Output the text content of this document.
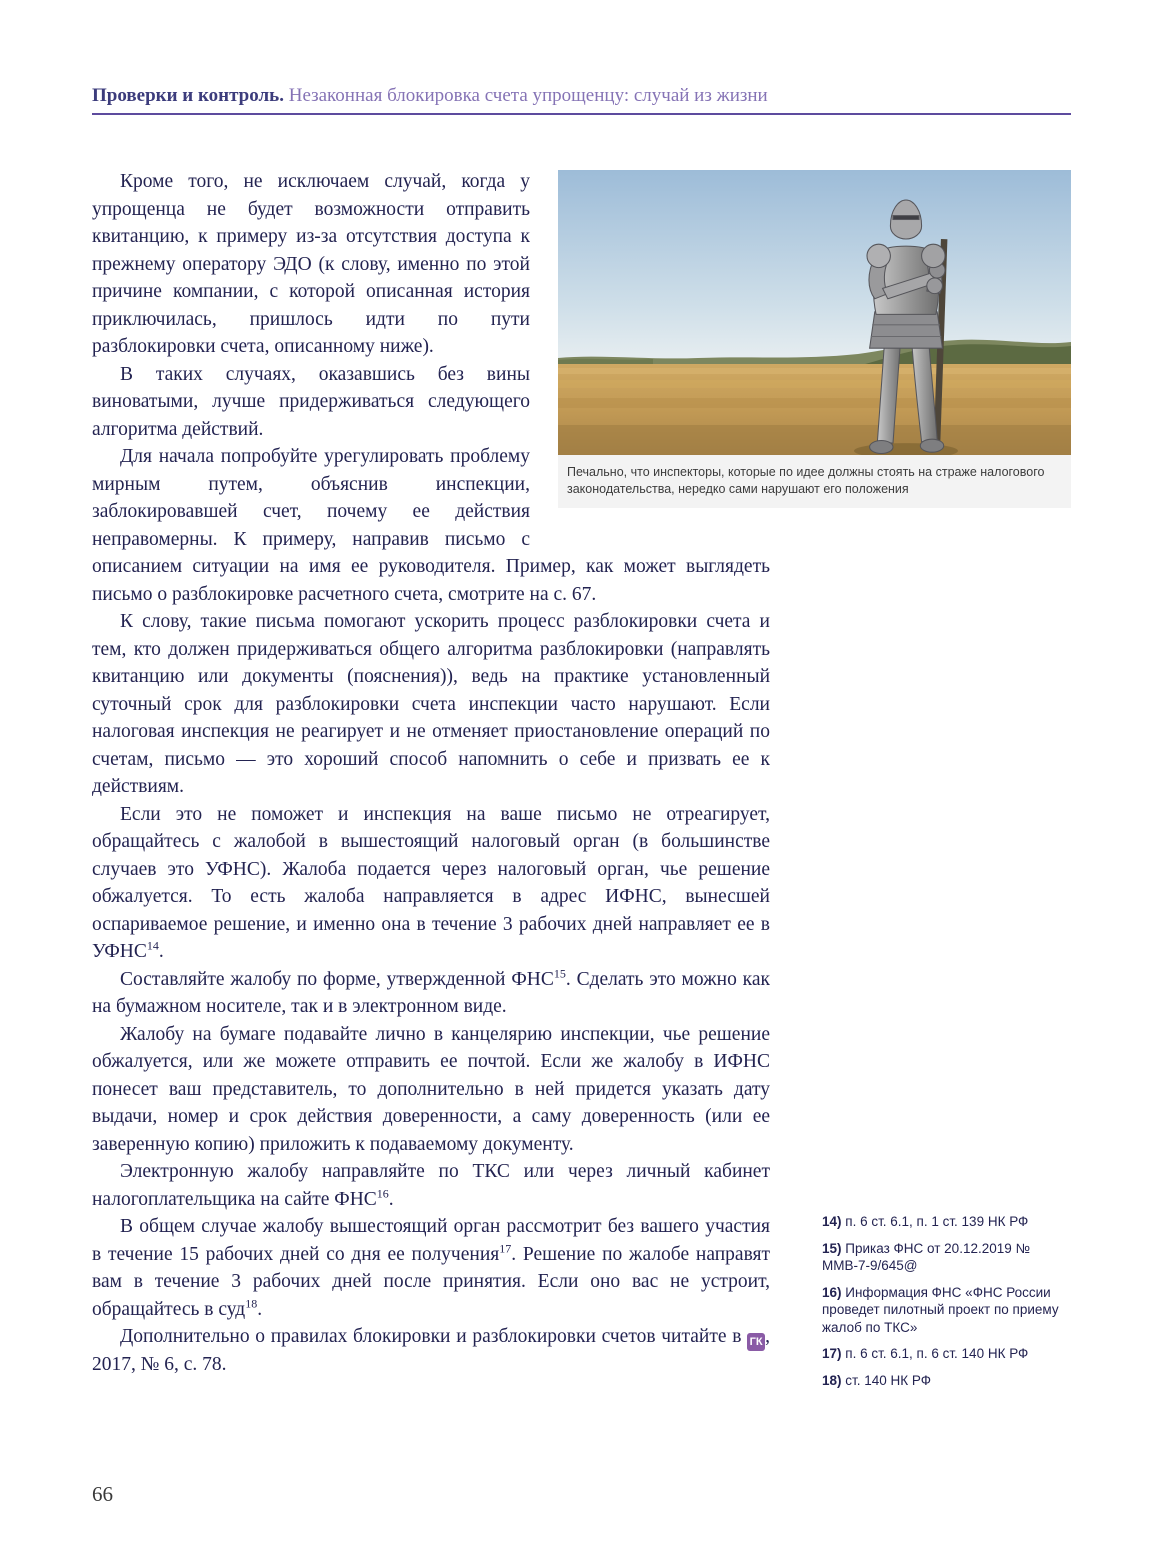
Проверки и контроль. Незаконная блокировка счета упрощенцу: случай из жизни
Печально, что инспекторы, которые по идее должны стоять на страже налогового законодательства, нередко сами нарушают его положения

Кроме того, не исключаем случай, когда у упрощенца не будет возможности отправить квитанцию, к примеру из-за отсутствия доступа к прежнему оператору ЭДО (к слову, именно по этой причине компании, с которой описанная история приключилась, пришлось идти по пути разблокировки счета, описанному ниже).

В таких случаях, оказавшись без вины виноватыми, лучше придерживаться следующего алгоритма действий.

Для начала попробуйте урегулировать проблему мирным путем, объяснив инспекции, заблокировавшей счет, почему ее действия неправомерны. К примеру, направив письмо с описанием ситуации на имя ее руководителя. Пример, как может выглядеть письмо о разблокировке расчетного счета, смотрите на с. 67.

К слову, такие письма помогают ускорить процесс разблокировки счета и тем, кто должен придерживаться общего алгоритма разблокировки (направлять квитанцию или документы (пояснения)), ведь на практике установленный суточный срок для разблокировки счета инспекции часто нарушают. Если налоговая инспекция не реагирует и не отменяет приостановление операций по счетам, письмо — это хороший способ напомнить о себе и призвать ее к действиям.

Если это не поможет и инспекция на ваше письмо не отреагирует, обращайтесь с жалобой в вышестоящий налоговый орган (в большинстве случаев это УФНС). Жалоба подается через налоговый орган, чье решение обжалуется. То есть жалоба направляется в адрес ИФНС, вынесшей оспариваемое решение, и именно она в течение 3 рабочих дней направляет ее в УФНС$^{14}$.

Составляйте жалобу по форме, утвержденной ФНС$^{15}$. Сделать это можно как на бумажном носителе, так и в электронном виде.

Жалобу на бумаге подавайте лично в канцелярию инспекции, чье решение обжалуется, или же можете отправить ее почтой. Если же жалобу в ИФНС понесет ваш представитель, то дополнительно в ней придется указать дату выдачи, номер и срок действия доверенности, а саму доверенность (или ее заверенную копию) приложить к подаваемому документу.

Электронную жалобу направляйте по ТКС или через личный кабинет налогоплательщика на сайте ФНС$^{16}$.

В общем случае жалобу вышестоящий орган рассмотрит без вашего участия в течение 15 рабочих дней со дня ее получения$^{17}$. Решение по жалобе направят вам в течение 3 рабочих дней после принятия. Если оно вас не устроит, обращайтесь в суд$^{18}$.

Дополнительно о правилах блокировки и разблокировки счетов читайте в ГК , 2017, № 6, с. 78.

14) п. 6 ст. 6.1, п. 1 ст. 139 НК РФ
15) Приказ ФНС от 20.12.2019 № ММВ-7-9/645@
16) Информация ФНС «ФНС России проведет пилотный проект по приему жалоб по ТКС»
17) п. 6 ст. 6.1, п. 6 ст. 140 НК РФ
18) ст. 140 НК РФ
66
